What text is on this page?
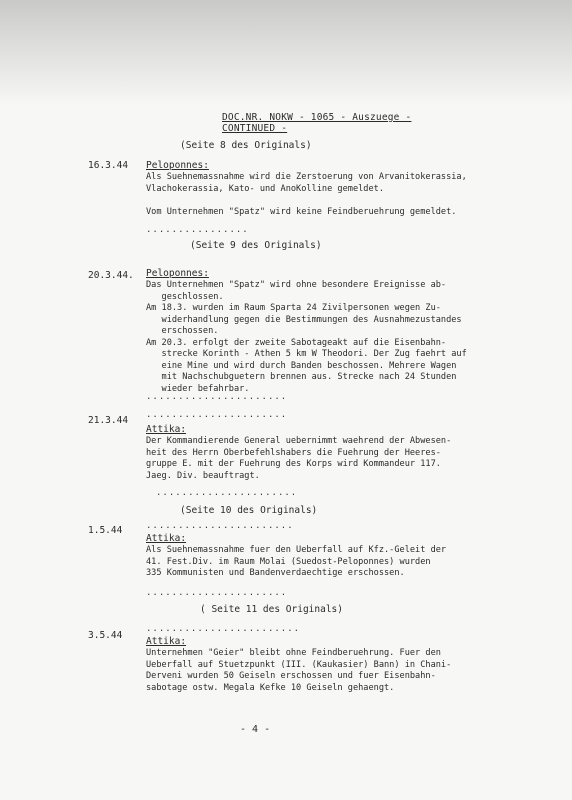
DOC.NR. NOKW - 1065 - Auszuege -
CONTINUED -
(Seite 8 des Originals)
16.3.44 Peloponnes:
Als Suehnemassnahme wird die Zerstoerung von Arvanitokerassia,
Vlachokerassia, Kato- und AnoKolline gemeldet.

Vom Unternehmen "Spatz" wird keine Feindberuehrung gemeldet.
................
(Seite 9 des Originals)
20.3.44. Peloponnes:
Das Unternehmen "Spatz" wird ohne besondere Ereignisse ab-
geschlossen.
Am 18.3. wurden im Raum Sparta 24 Zivilpersonen wegen Zu-
widerhandlung gegen die Bestimmungen des Ausnahmezustandes
erschossen.
Am 20.3. erfolgt der zweite Sabotageakt auf die Eisenbahn-
strecke Korinth - Athen 5 km W Theodori. Der Zug faehrt auf
eine Mine und wird durch Banden beschossen. Mehrere Wagen
mit Nachschubguetern brennen aus. Strecke nach 24 Stunden
wieder befahrbar.
......................
21.3.44 ......................
Attika:
Der Kommandierende General uebernimmt waehrend der Abwesen-
heit des Herrn Oberbefehlshabers die Fuehrung der Heeres-
gruppe E. mit der Fuehrung des Korps wird Kommandeur 117.
Jaeg. Div. beauftragt.
......................
(Seite 10 des Originals)
1.5.44	.......................
Attika:
Als Suehnemassnahme fuer den Ueberfall auf Kfz.-Geleit der
41. Fest.Div. im Raum Molai (Suedost-Peloponnes) wurden
335 Kommunisten und Bandenverdaechtige erschossen.
......................
( Seite 11 des Originals)
3.5.44
........................
Attika:
Unternehmen "Geier" bleibt ohne Feindberuehrung. Fuer den
Ueberfall auf Stuetzpunkt (III. (Kaukasier) Bann) in Chani-
Derveni wurden 50 Geiseln erschossen und fuer Eisenbahn-
sabotage ostw. Megala Kefke 10 Geiseln gehaengt.
- 4 -
